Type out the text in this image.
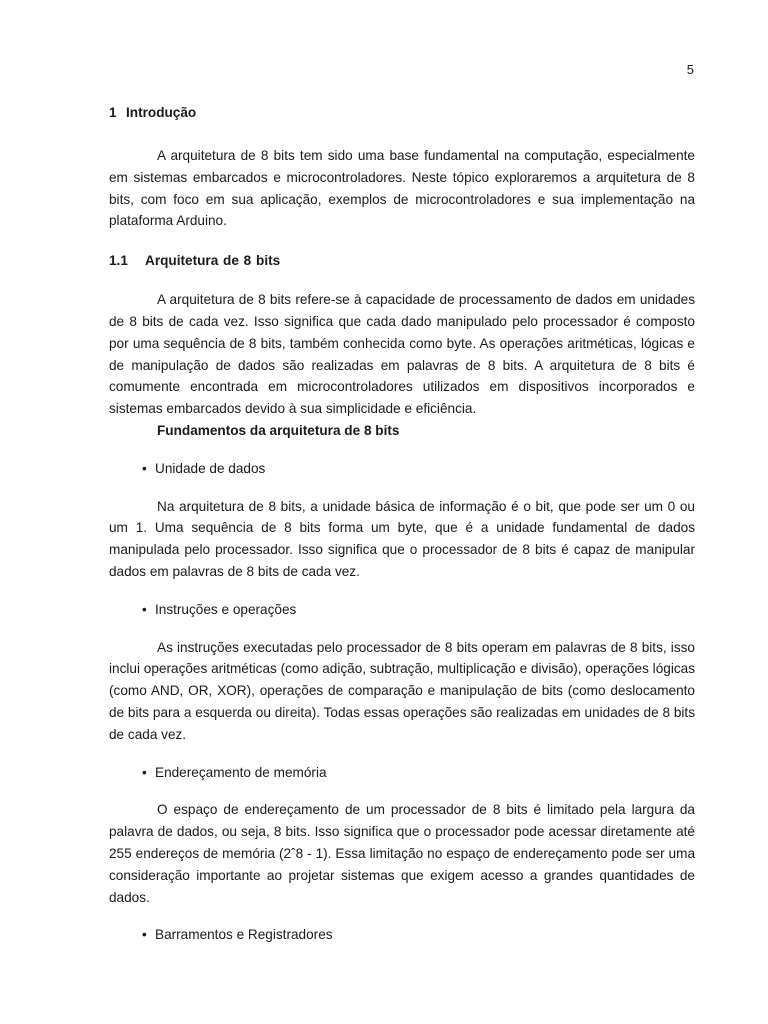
5
1 Introdução

A arquitetura de 8 bits tem sido uma base fundamental na computação, especialmente em sistemas embarcados e microcontroladores. Neste tópico exploraremos a arquitetura de 8 bits, com foco em sua aplicação, exemplos de microcontroladores e sua implementação na plataforma Arduino.

1.1 Arquitetura de 8 bits

A arquitetura de 8 bits refere-se à capacidade de processamento de dados em unidades de 8 bits de cada vez. Isso significa que cada dado manipulado pelo processador é composto por uma sequência de 8 bits, também conhecida como byte. As operações aritméticas, lógicas e de manipulação de dados são realizadas em palavras de 8 bits. A arquitetura de 8 bits é comumente encontrada em microcontroladores utilizados em dispositivos incorporados e sistemas embarcados devido à sua simplicidade e eficiência.

Fundamentos da arquitetura de 8 bits
• Unidade de dados

Na arquitetura de 8 bits, a unidade básica de informação é o bit, que pode ser um 0 ou um 1. Uma sequência de 8 bits forma um byte, que é a unidade fundamental de dados manipulada pelo processador. Isso significa que o processador de 8 bits é capaz de manipular dados em palavras de 8 bits de cada vez.

• Instruções e operações

As instruções executadas pelo processador de 8 bits operam em palavras de 8 bits, isso inclui operações aritméticas (como adição, subtração, multiplicação e divisão), operações lógicas (como AND, OR, XOR), operações de comparação e manipulação de bits (como deslocamento de bits para a esquerda ou direita). Todas essas operações são realizadas em unidades de 8 bits de cada vez.

• Endereçamento de memória

O espaço de endereçamento de um processador de 8 bits é limitado pela largura da palavra de dados, ou seja, 8 bits. Isso significa que o processador pode acessar diretamente até 255 endereços de memória (2ˆ8 - 1). Essa limitação no espaço de endereçamento pode ser uma consideração importante ao projetar sistemas que exigem acesso a grandes quantidades de dados.

• Barramentos e Registradores
